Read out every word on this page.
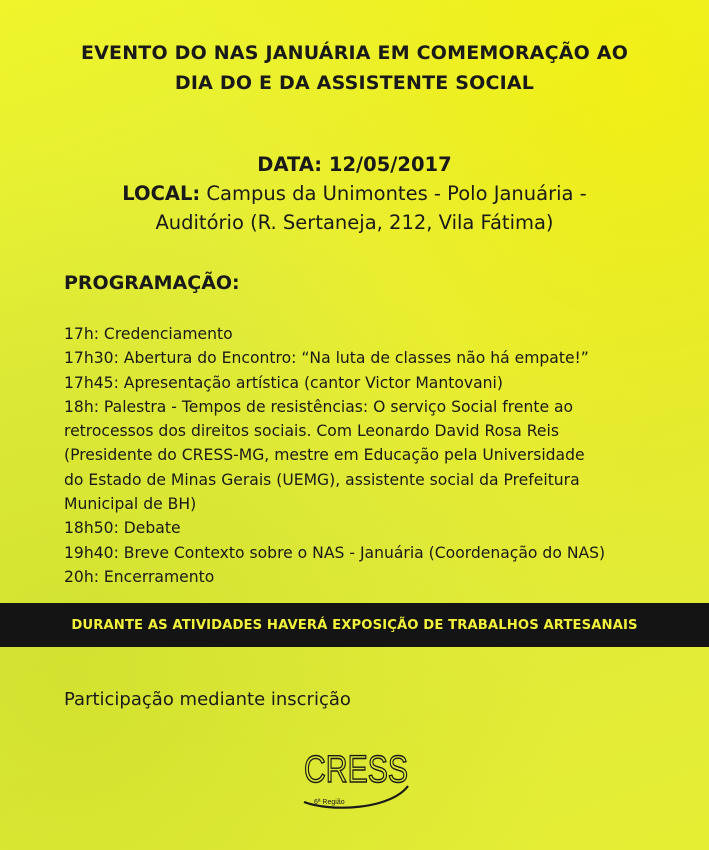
EVENTO DO NAS JANUÁRIA EM COMEMORAÇÃO AO
DIA DO E DA ASSISTENTE SOCIAL
DATA: 12/05/2017
LOCAL: Campus da Unimontes - Polo Januária -
Auditório (R. Sertaneja, 212, Vila Fátima)
PROGRAMAÇÃO:
17h: Credenciamento
17h30: Abertura do Encontro: “Na luta de classes não há empate!”
17h45: Apresentação artística (cantor Victor Mantovani)
18h: Palestra - Tempos de resistências: O serviço Social frente ao
retrocessos dos direitos sociais. Com Leonardo David Rosa Reis
(Presidente do CRESS-MG, mestre em Educação pela Universidade
do Estado de Minas Gerais (UEMG), assistente social da Prefeitura
Municipal de BH)
18h50: Debate
19h40: Breve Contexto sobre o NAS - Januária (Coordenação do NAS)
20h: Encerramento
DURANTE AS ATIVIDADES HAVERÁ EXPOSIÇÃO DE TRABALHOS ARTESANAIS
Participação mediante inscrição
CRESS
6ª Região
